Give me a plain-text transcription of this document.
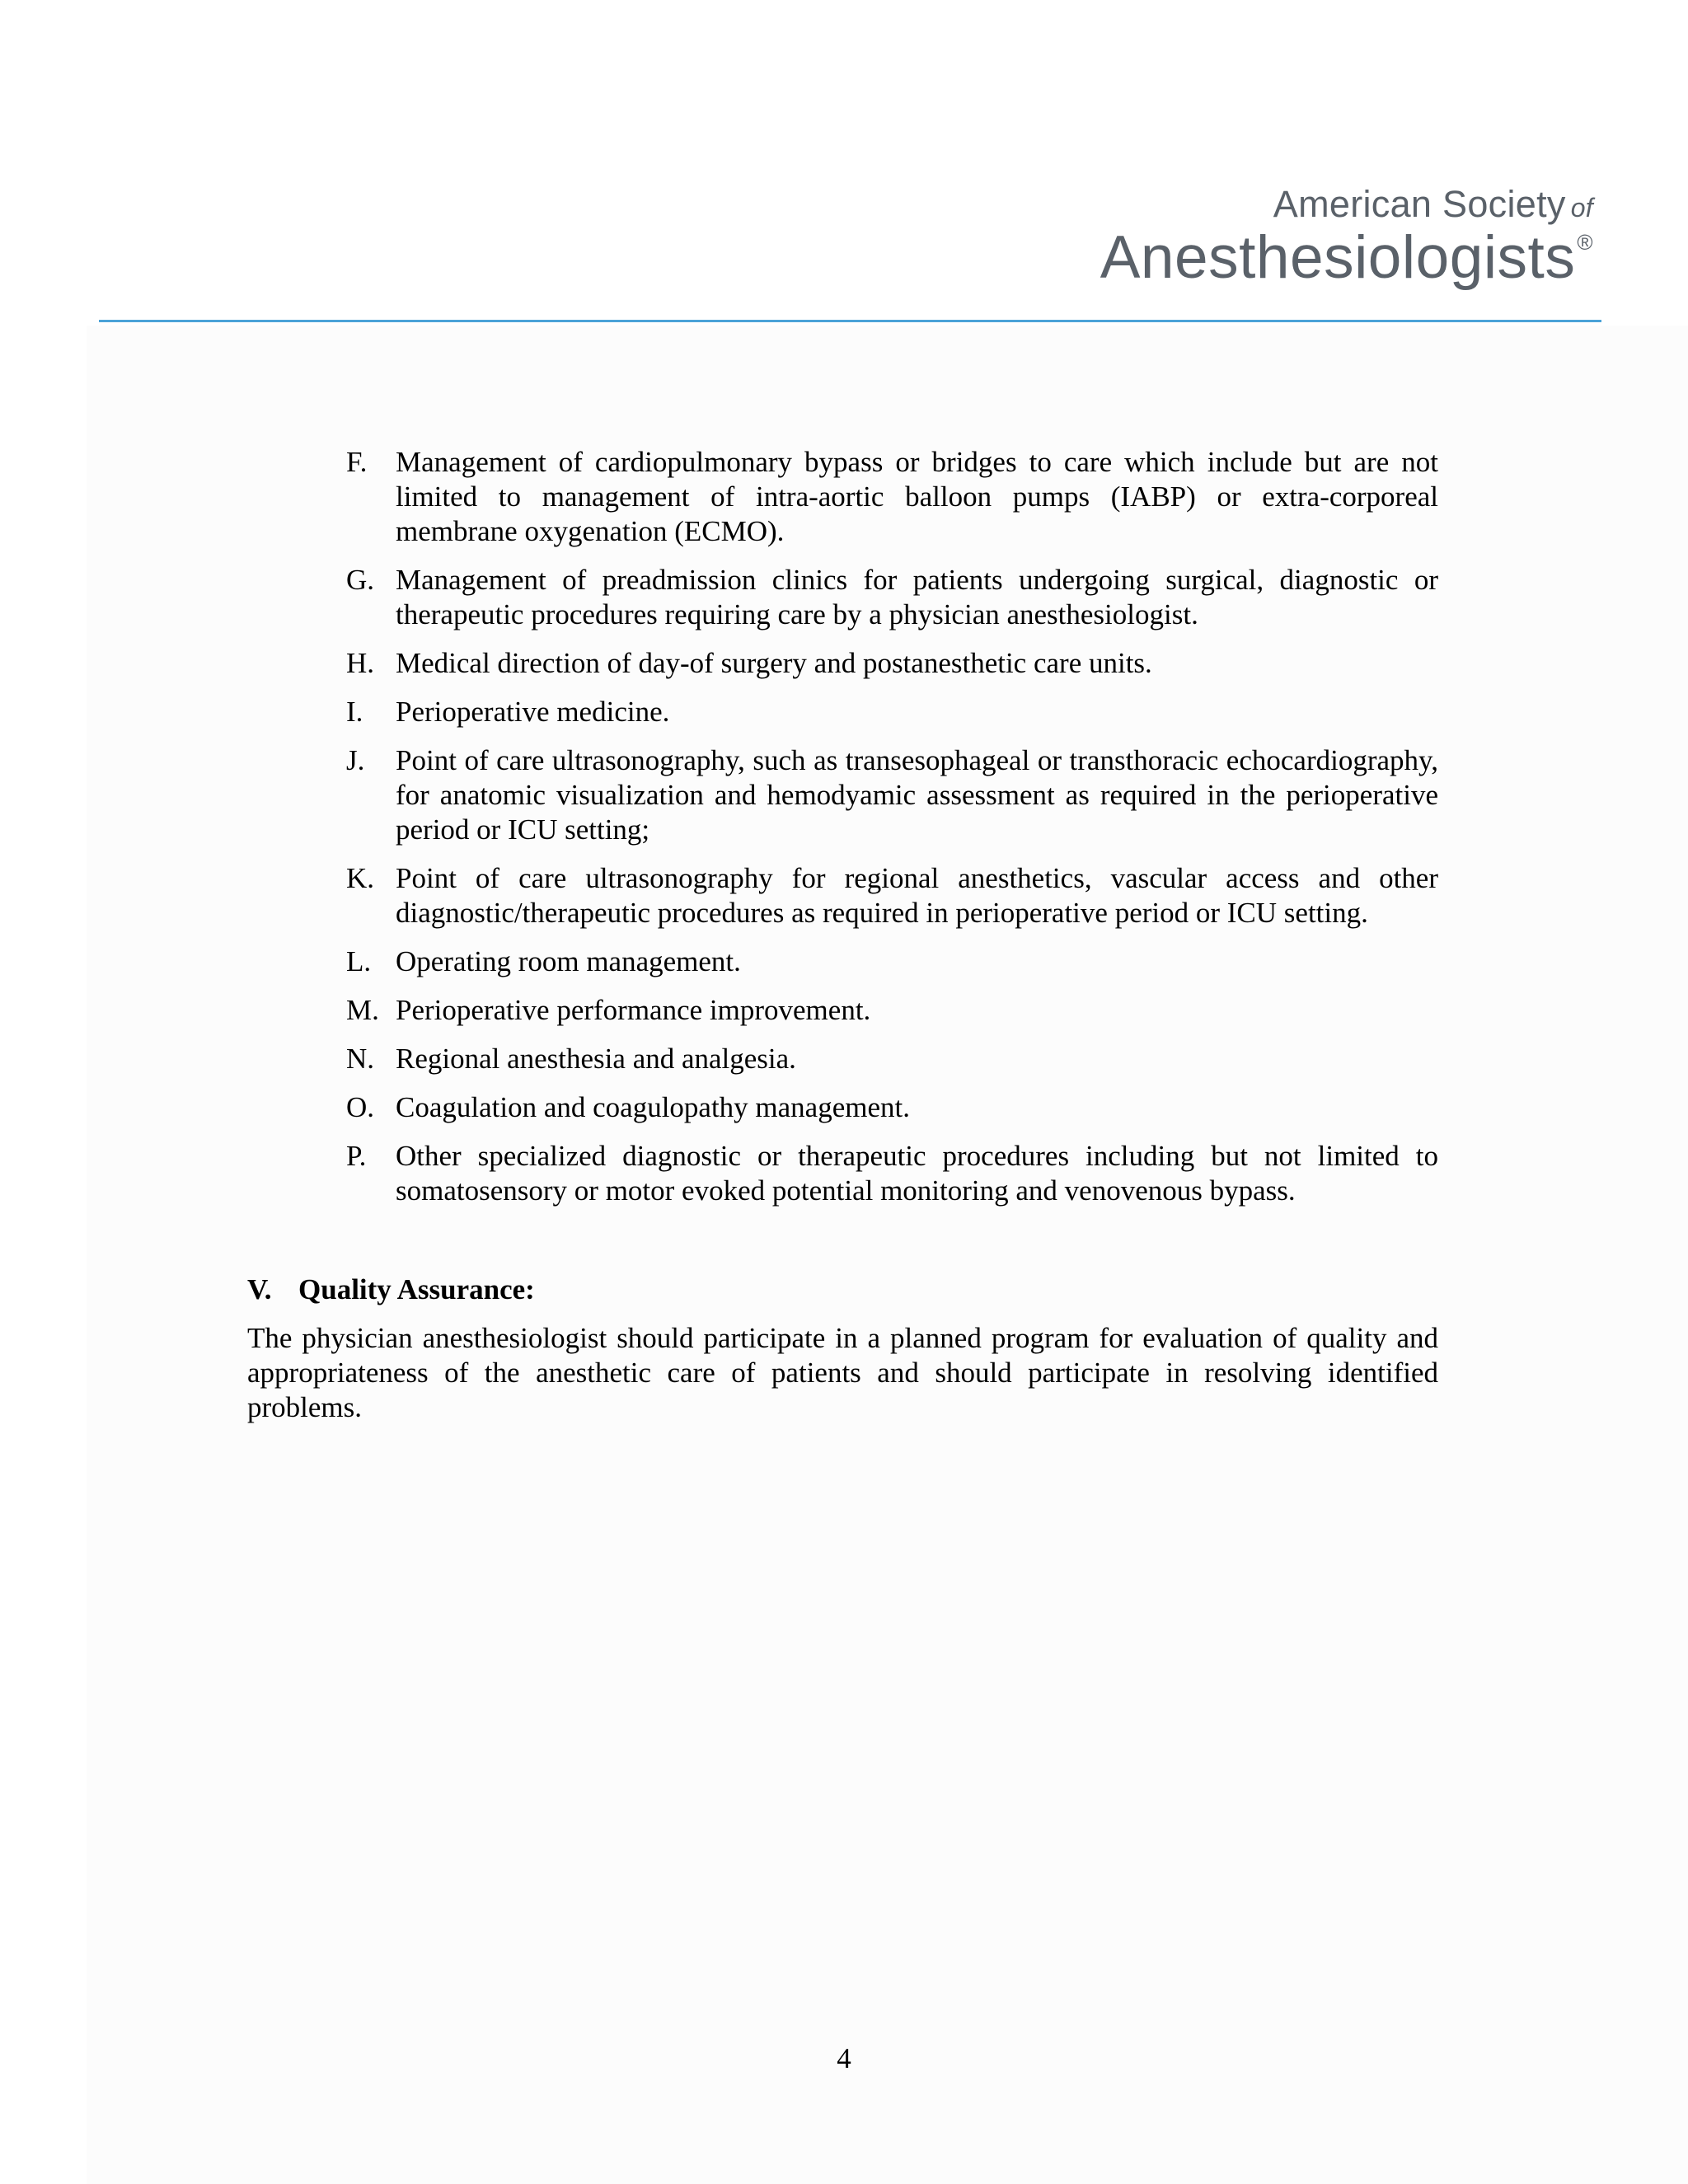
American Society of
Anesthesiologists®
F. Management of cardiopulmonary bypass or bridges to care which include but are not limited to management of intra-aortic balloon pumps (IABP) or extra-corporeal membrane oxygenation (ECMO).
G. Management of preadmission clinics for patients undergoing surgical, diagnostic or therapeutic procedures requiring care by a physician anesthesiologist.
H. Medical direction of day-of surgery and postanesthetic care units.
I.	Perioperative medicine.
J.	Point of care ultrasonography, such as transesophageal or transthoracic echocardiography, for anatomic visualization and hemodyamic assessment as required in the perioperative period or ICU setting;
K. Point of care ultrasonography for regional anesthetics, vascular access and other diagnostic/therapeutic procedures as required in perioperative period or ICU setting.
L. Operating room management.
M. Perioperative performance improvement.
N. Regional anesthesia and analgesia.
O. Coagulation and coagulopathy management.
P.	Other specialized diagnostic or therapeutic procedures including but not limited to somatosensory or motor evoked potential monitoring and venovenous bypass.

V. Quality Assurance:

The physician anesthesiologist should participate in a planned program for evaluation of quality and appropriateness of the anesthetic care of patients and should participate in resolving identified problems.

4
